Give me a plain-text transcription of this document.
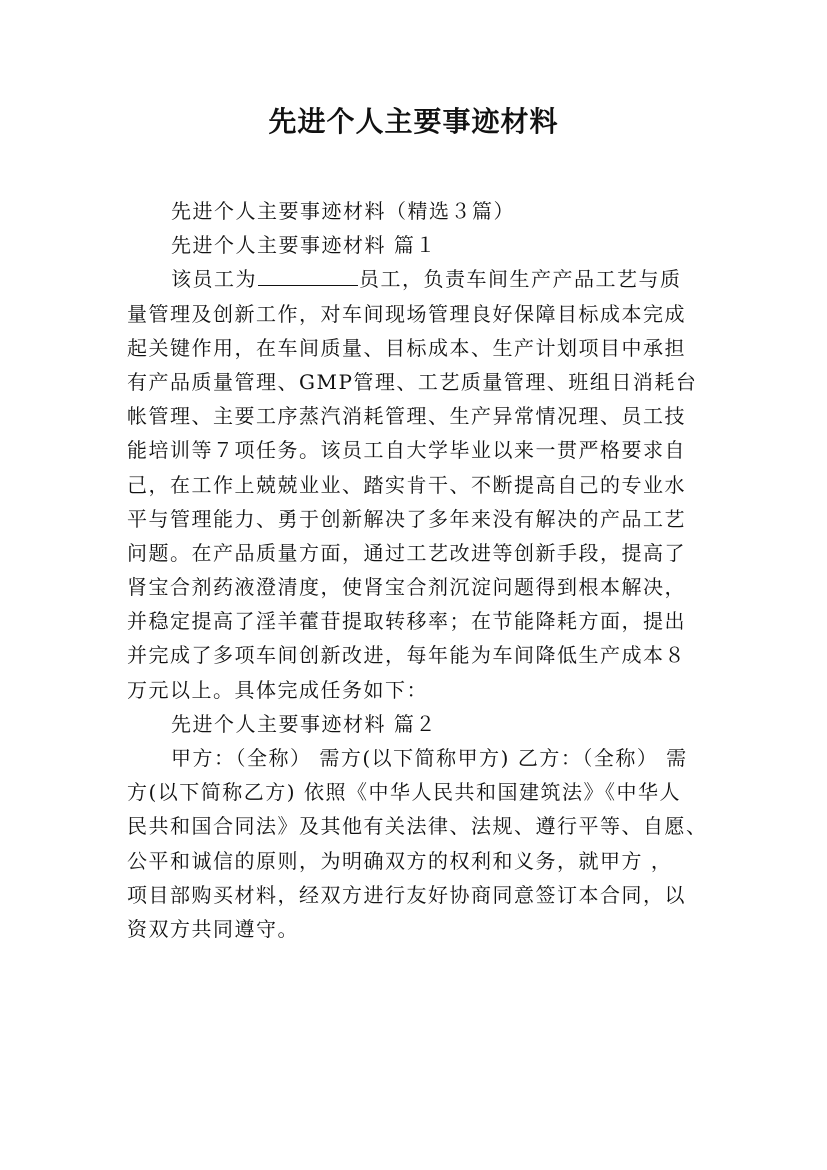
先进个人主要事迹材料
先进个人主要事迹材料（精选３篇）
先进个人主要事迹材料 篇１
该员工为	员工，负责车间生产产品工艺与质
量管理及创新工作，对车间现场管理良好保障目标成本完成
起关键作用，在车间质量、目标成本、生产计划项目中承担
有产品质量管理、GMP管理、工艺质量管理、班组日消耗台
帐管理、主要工序蒸汽消耗管理、生产异常情况理、员工技
能培训等７项任务。该员工自大学毕业以来一贯严格要求自
己，在工作上兢兢业业、踏实肯干、不断提高自己的专业水
平与管理能力、勇于创新解决了多年来没有解决的产品工艺
问题。在产品质量方面，通过工艺改进等创新手段，提高了
肾宝合剂药液澄清度，使肾宝合剂沉淀问题得到根本解决，
并稳定提高了淫羊藿苷提取转移率；在节能降耗方面，提出
并完成了多项车间创新改进，每年能为车间降低生产成本８
万元以上。具体完成任务如下：
先进个人主要事迹材料 篇２
甲方：（全称） 需方(以下简称甲方) 乙方：（全称） 需
方(以下简称乙方) 依照《中华人民共和国建筑法》《中华人
民共和国合同法》及其他有关法律、法规、遵行平等、自愿、
公平和诚信的原则，为明确双方的权利和义务，就甲方 ，
项目部购买材料，经双方进行友好协商同意签订本合同，以
资双方共同遵守。
